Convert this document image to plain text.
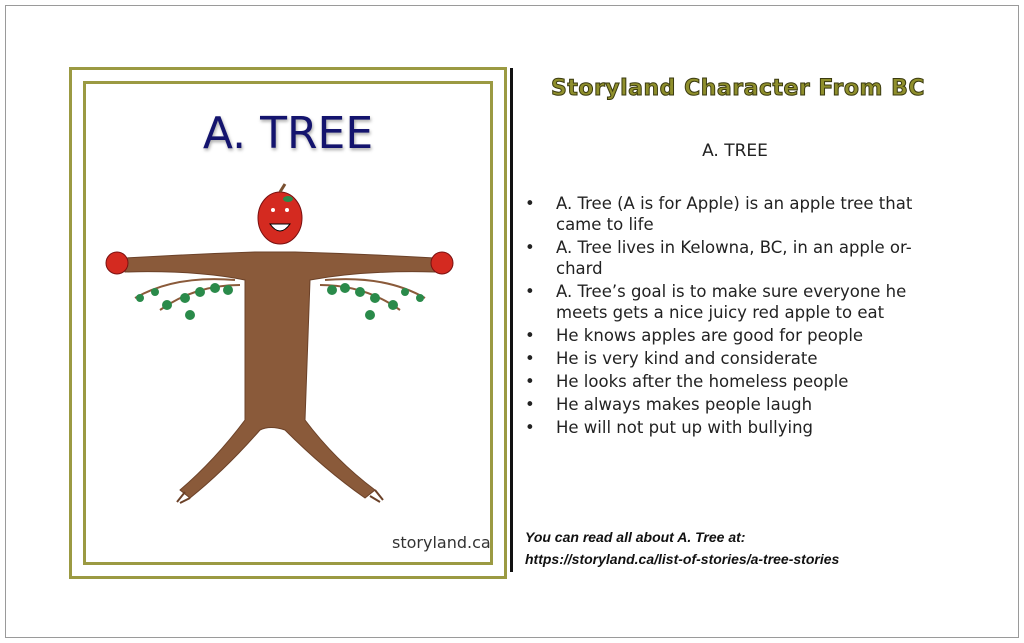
A. TREE
storyland.ca
Storyland Character From BC
A. TREE
• A. Tree (A is for Apple) is an apple tree that came to life
• A. Tree lives in Kelowna, BC, in an apple or-chard
• A. Tree’s goal is to make sure everyone he meets gets a nice juicy red apple to eat
• He knows apples are good for people
• He is very kind and considerate
• He looks after the homeless people
• He always makes people laugh
• He will not put up with bullying
You can read all about A. Tree at:
https://storyland.ca/list-of-stories/a-tree-stories
